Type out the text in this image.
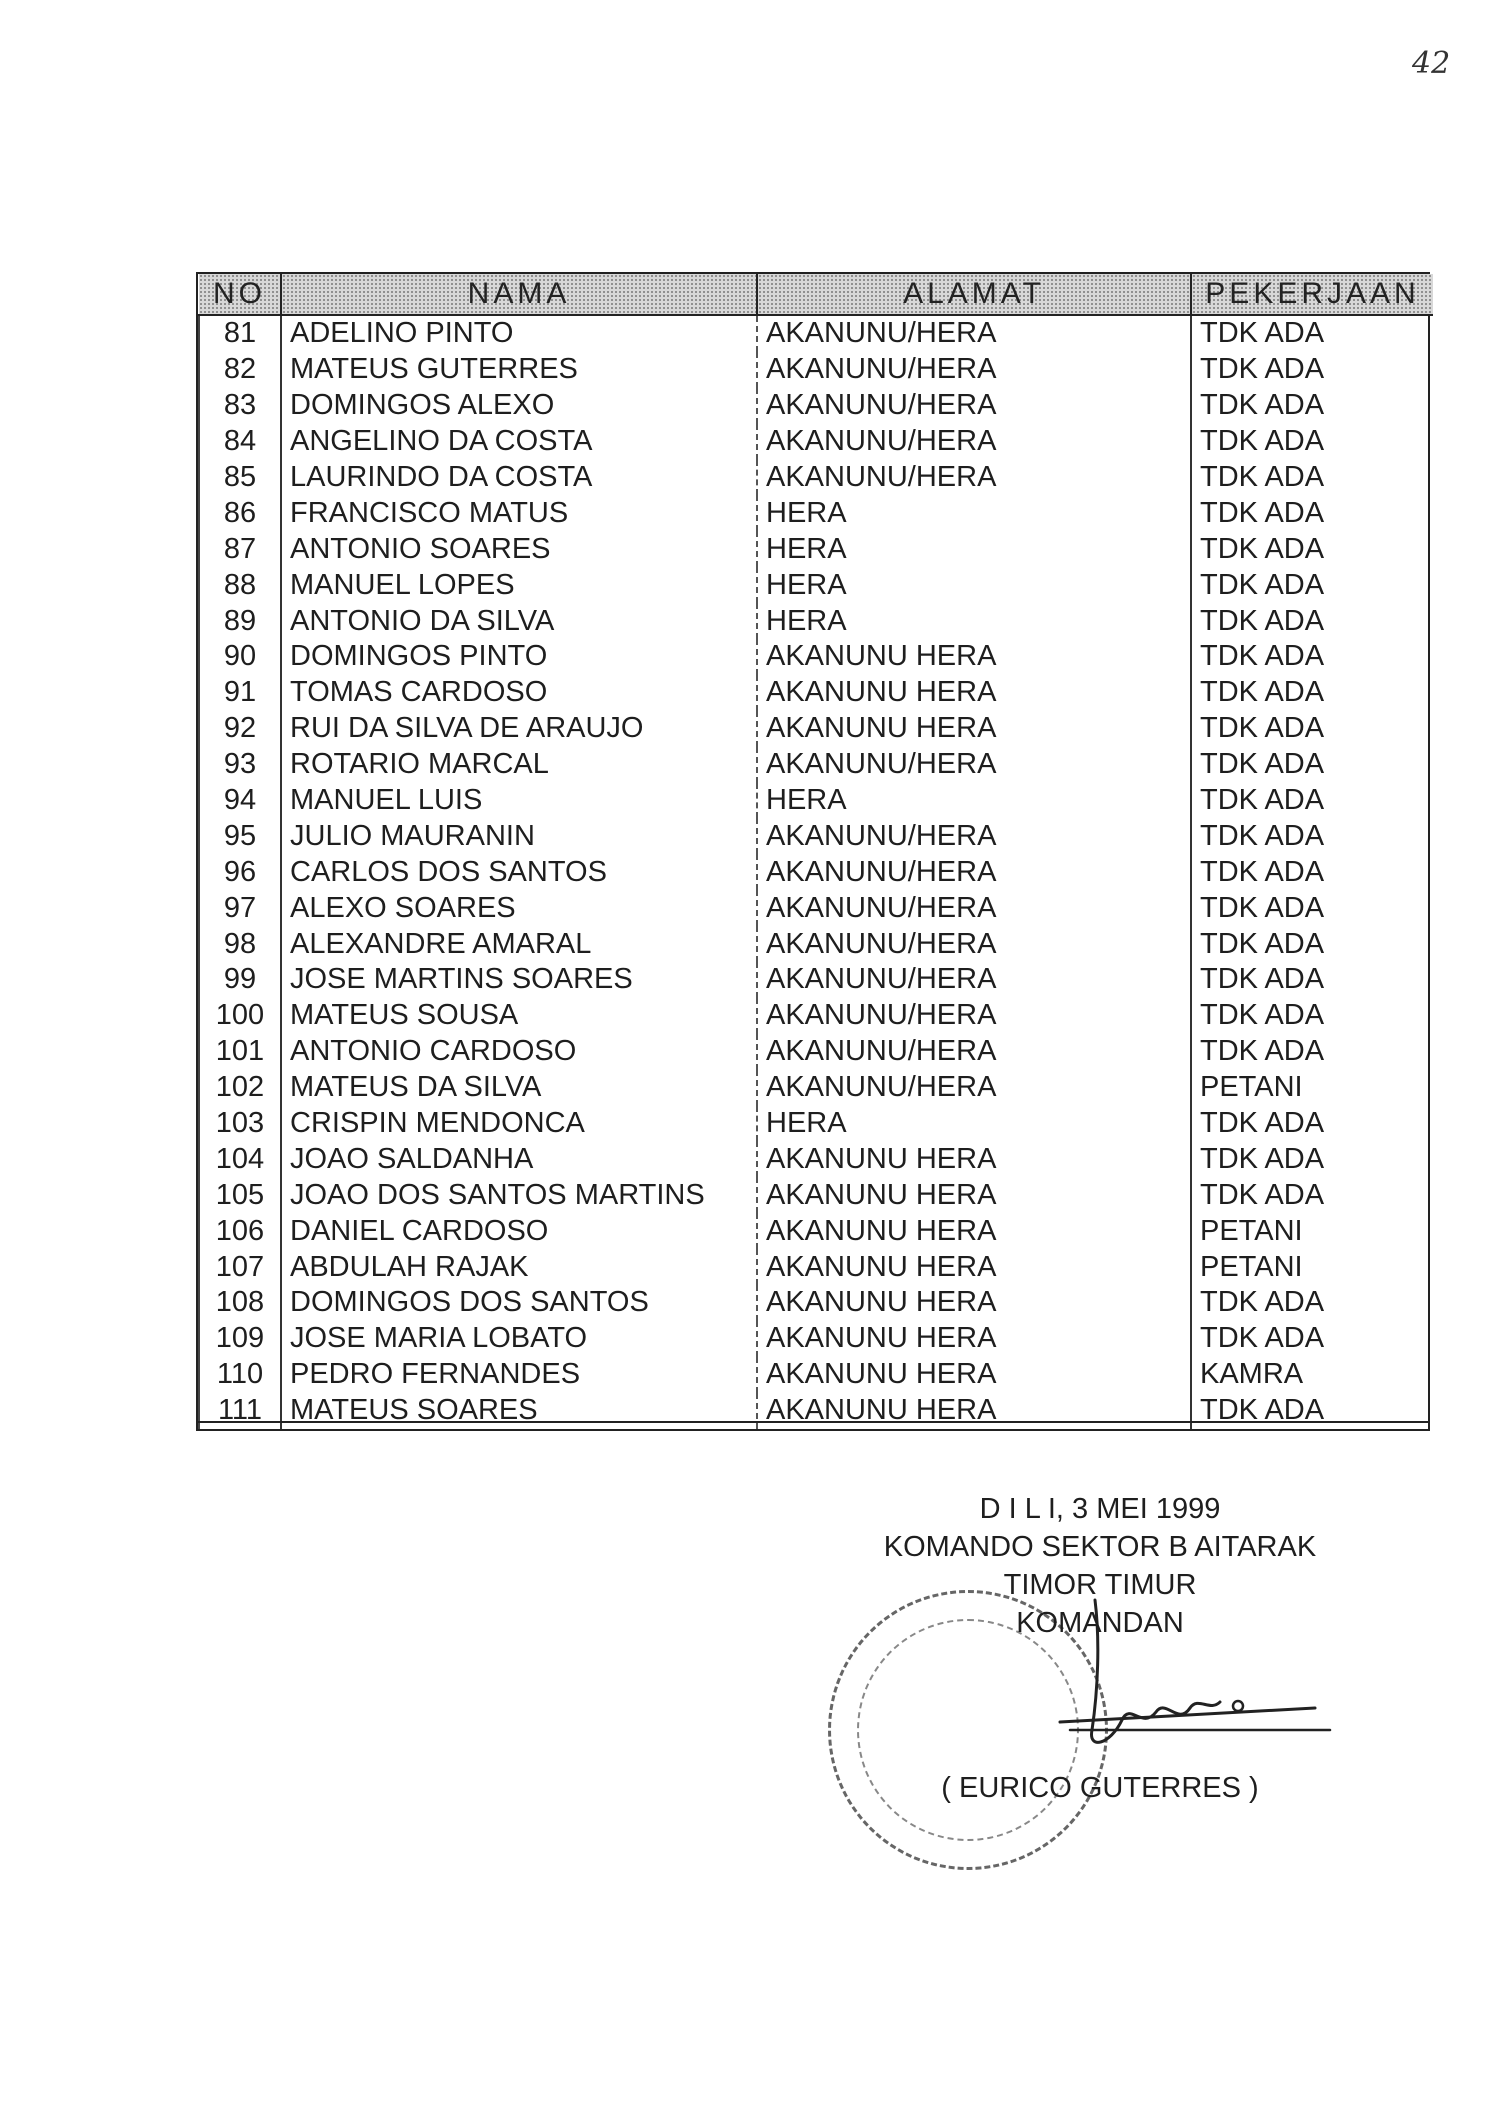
42
NO	NAMA	ALAMAT	PEKERJAAN
81	ADELINO PINTO	AKANUNU/HERA	TDK ADA
82	MATEUS GUTERRES	AKANUNU/HERA	TDK ADA
83	DOMINGOS ALEXO	AKANUNU/HERA	TDK ADA
84	ANGELINO DA COSTA	AKANUNU/HERA	TDK ADA
85	LAURINDO DA COSTA	AKANUNU/HERA	TDK ADA
86	FRANCISCO MATUS	HERA	TDK ADA
87	ANTONIO SOARES	HERA	TDK ADA
88	MANUEL LOPES	HERA	TDK ADA
89	ANTONIO DA SILVA	HERA	TDK ADA
90	DOMINGOS PINTO	AKANUNU HERA	TDK ADA
91	TOMAS CARDOSO	AKANUNU HERA	TDK ADA
92	RUI DA SILVA DE ARAUJO	AKANUNU HERA	TDK ADA
93	ROTARIO MARCAL	AKANUNU/HERA	TDK ADA
94	MANUEL LUIS	HERA	TDK ADA
95	JULIO MAURANIN	AKANUNU/HERA	TDK ADA
96	CARLOS DOS SANTOS	AKANUNU/HERA	TDK ADA
97	ALEXO SOARES	AKANUNU/HERA	TDK ADA
98	ALEXANDRE AMARAL	AKANUNU/HERA	TDK ADA
99	JOSE MARTINS SOARES	AKANUNU/HERA	TDK ADA
100	MATEUS SOUSA	AKANUNU/HERA	TDK ADA
101	ANTONIO CARDOSO	AKANUNU/HERA	TDK ADA
102	MATEUS DA SILVA	AKANUNU/HERA	PETANI
103	CRISPIN MENDONCA	HERA	TDK ADA
104	JOAO SALDANHA	AKANUNU HERA	TDK ADA
105	JOAO DOS SANTOS MARTINS	AKANUNU HERA	TDK ADA
106	DANIEL CARDOSO	AKANUNU HERA	PETANI
107	ABDULAH RAJAK	AKANUNU HERA	PETANI
108	DOMINGOS DOS SANTOS	AKANUNU HERA	TDK ADA
109	JOSE MARIA LOBATO	AKANUNU HERA	TDK ADA
110	PEDRO FERNANDES	AKANUNU HERA	KAMRA
111	MATEUS SOARES	AKANUNU HERA	TDK ADA
D I L I, 3 MEI 1999
KOMANDO SEKTOR B AITARAK
TIMOR TIMUR
KOMANDAN
( EURICO GUTERRES )
